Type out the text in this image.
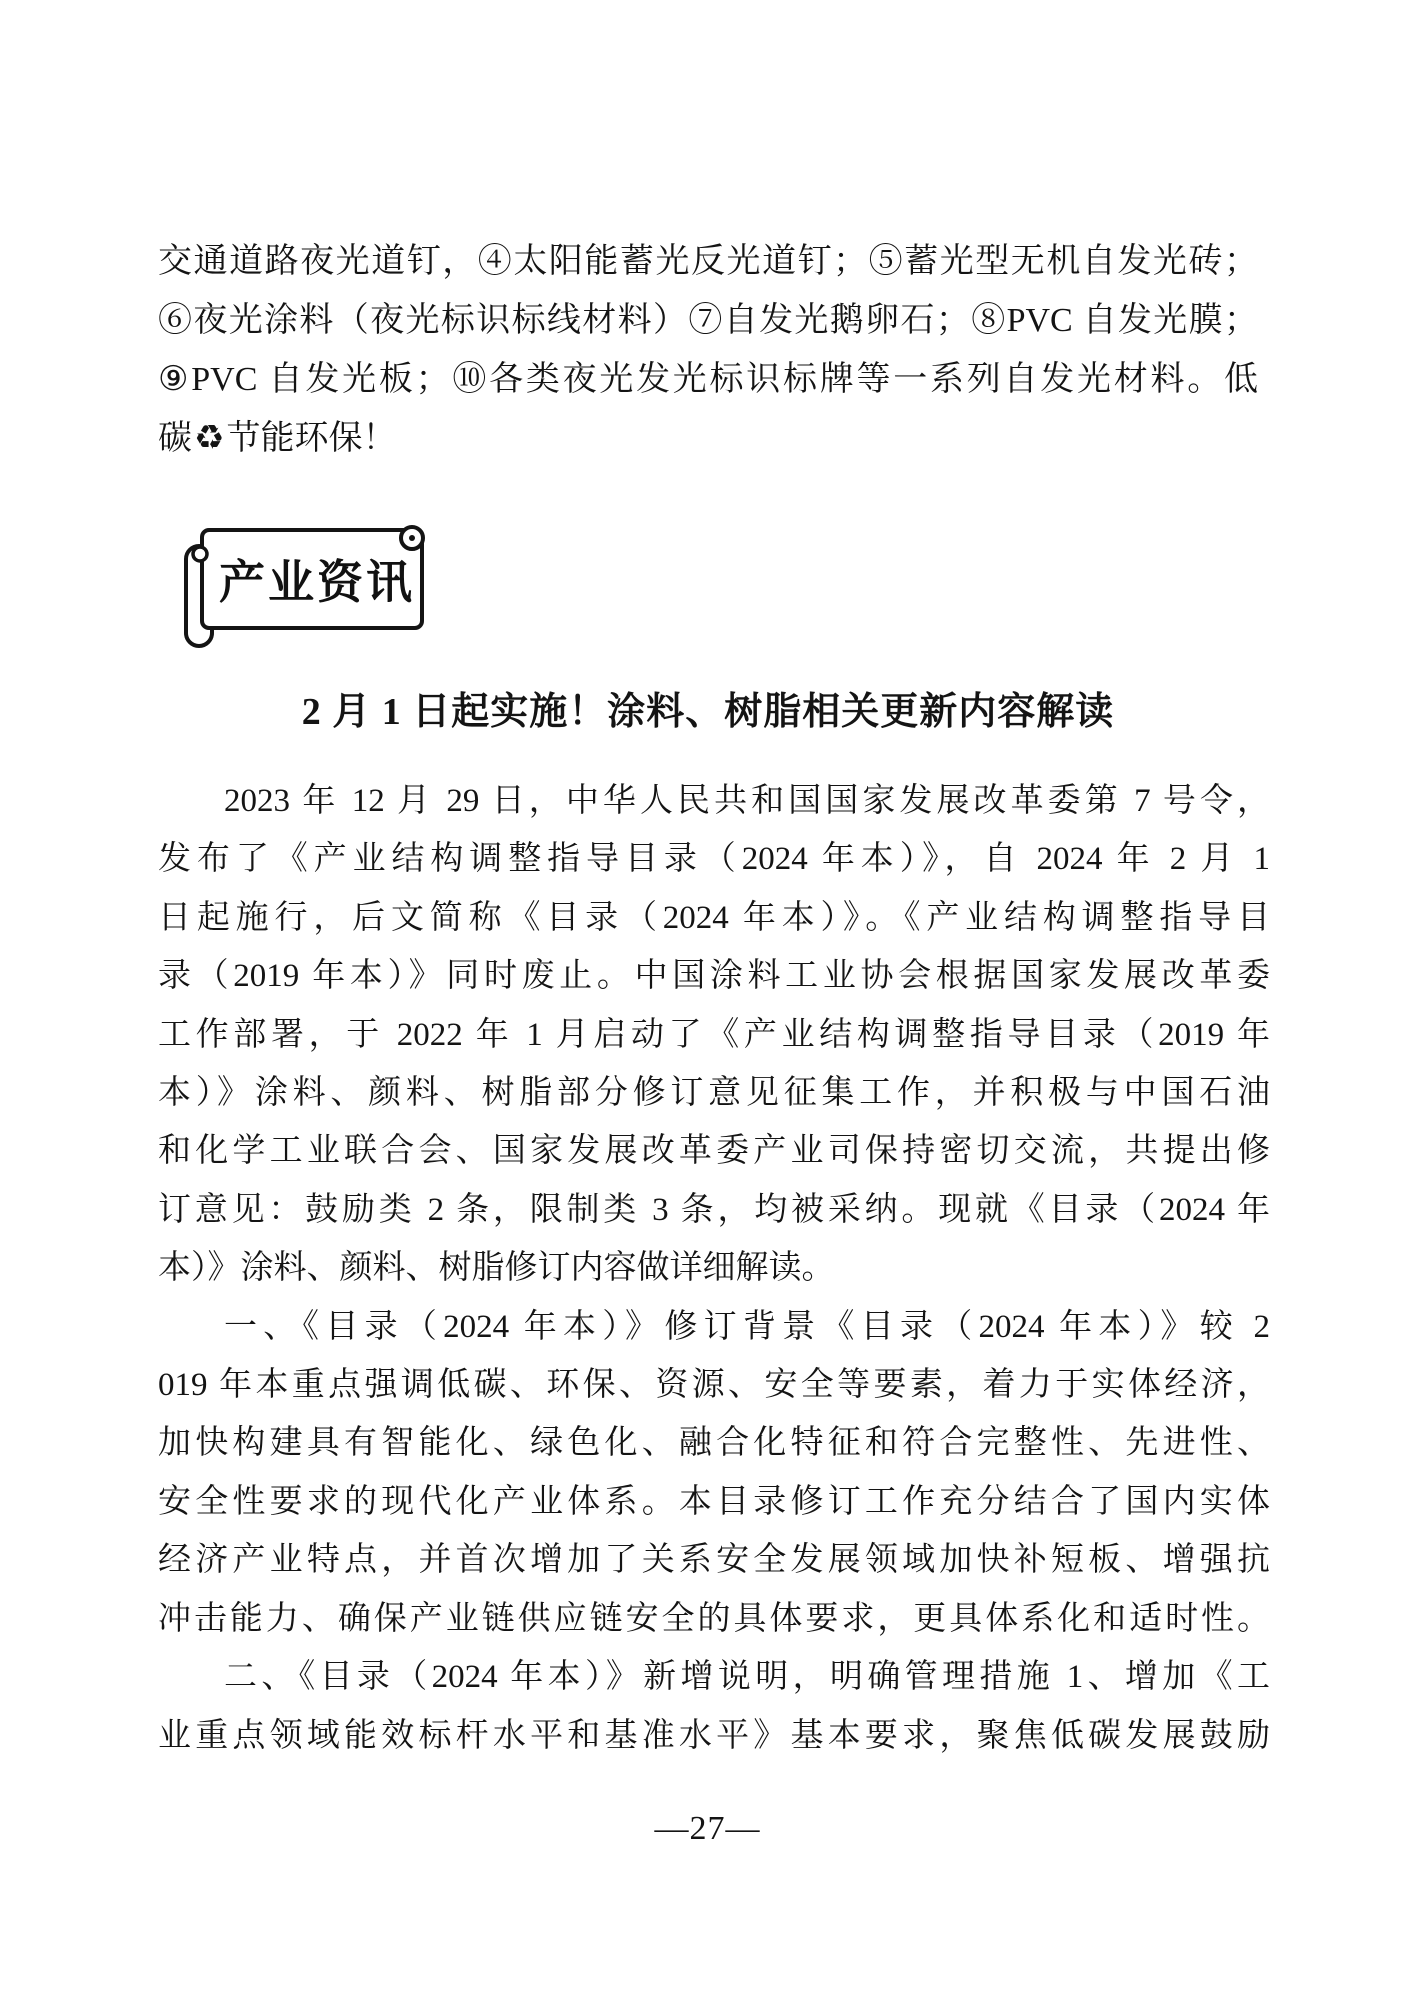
交通道路夜光道钉，④太阳能蓄光反光道钉；⑤蓄光型无机自发光砖；
⑥夜光涂料（夜光标识标线材料）⑦自发光鹅卵石；⑧PVC 自发光膜；
⑨PVC 自发光板；⑩各类夜光发光标识标牌等一系列自发光材料。低
碳♻节能环保！
产业资讯
2 月 1 日起实施！涂料、树脂相关更新内容解读
2023 年 12 月 29 日，中华人民共和国国家发展改革委第 7 号令，
发布了《产业结构调整指导目录（2024 年本）》，自 2024 年 2 月 1
日起施行，后文简称《目录（2024 年本）》。《产业结构调整指导目
录（2019 年本）》同时废止。中国涂料工业协会根据国家发展改革委
工作部署，于 2022 年 1 月启动了《产业结构调整指导目录（2019 年
本）》涂料、颜料、树脂部分修订意见征集工作，并积极与中国石油
和化学工业联合会、国家发展改革委产业司保持密切交流，共提出修
订意见：鼓励类 2 条，限制类 3 条，均被采纳。现就《目录（2024 年
本）》涂料、颜料、树脂修订内容做详细解读。
一、《目录（2024 年本）》修订背景《目录（2024 年本）》较 2
019 年本重点强调低碳、环保、资源、安全等要素，着力于实体经济，
加快构建具有智能化、绿色化、融合化特征和符合完整性、先进性、
安全性要求的现代化产业体系。本目录修订工作充分结合了国内实体
经济产业特点，并首次增加了关系安全发展领域加快补短板、增强抗
冲击能力、确保产业链供应链安全的具体要求，更具体系化和适时性。
二、《目录（2024 年本）》新增说明，明确管理措施 1、增加《工
业重点领域能效标杆水平和基准水平》基本要求，聚焦低碳发展鼓励
—27—
